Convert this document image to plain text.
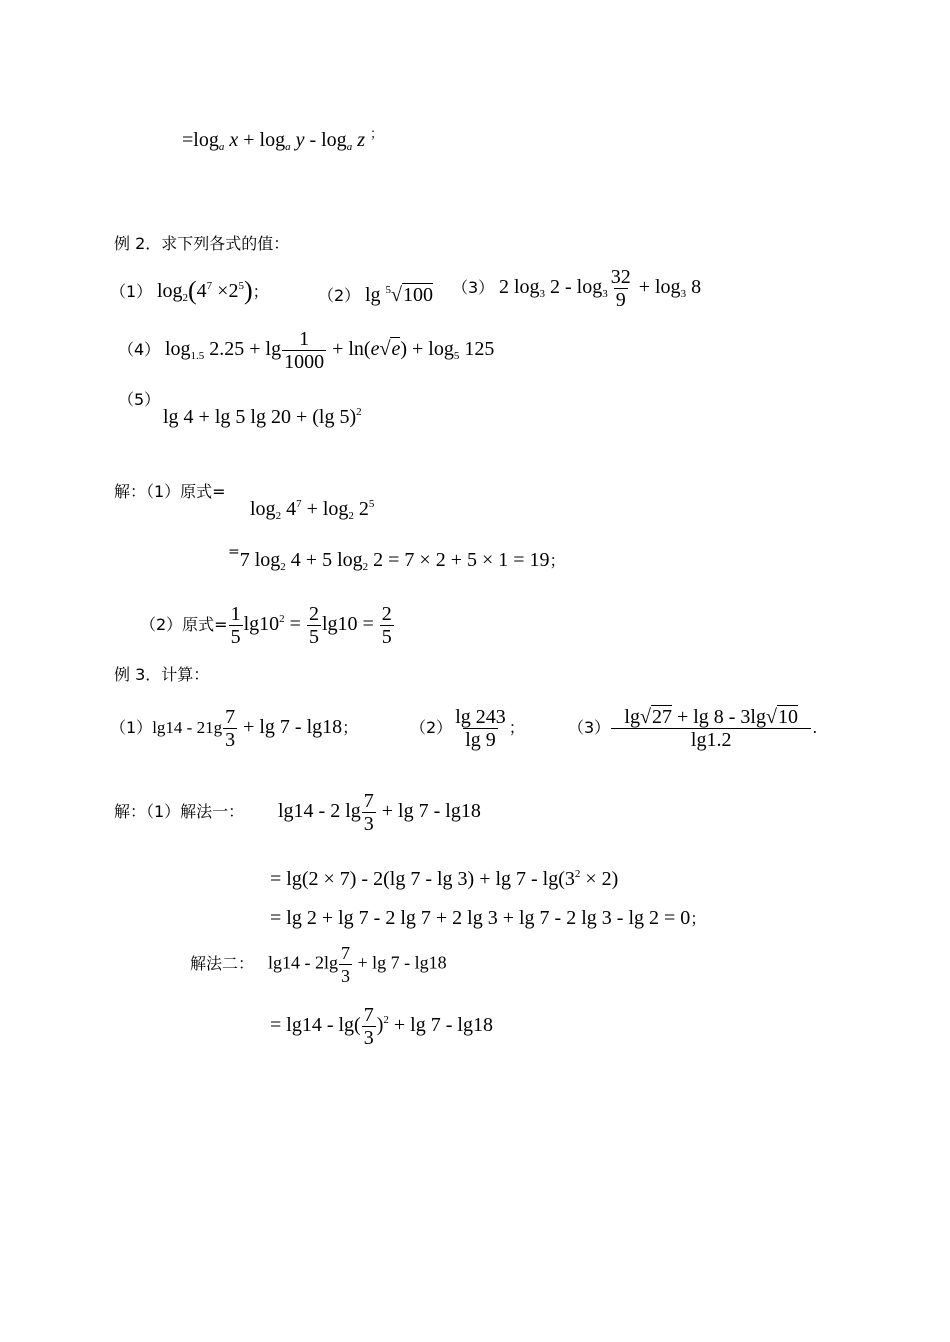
$=\log_a$ $x + \log_a y - \log_a z$ ；
例 2．求下列各式的值：
（1） $\log_2(4^7 \times 2^5)$；	（2） lg $^5$√100 （3） 2 $\log_3 2 - \log_3 \frac{32}{9} + \log_3 8$
（4） $\log_{1.5} 2.25 + \lg \frac{1}{1000} + \ln(e√e) + \log_5 125$
（5）
lg 4 + lg 5 lg 20 + (lg 5)$^2$
解：（1）原式=
$\log_2 4^7 + \log_2 2^5$
=7 $\log_2 4 + 5$ $\log_2 2 = 7 \times 2 + 5 \times 1 = 19$；
（2）原式= $\frac{1}{5} \lg 10^2 = \frac{2}{5} \lg 10 = \frac{2}{5}$
例 3．计算：
$(1)\lg 14 - 21g \frac{7}{3} + \lg 7 - \lg 18$；	$(2) \frac{\lg 243}{\lg 9}$ ；	$(3) \frac{\lg√27 + \lg 8 - 3\lg√10}{\lg 1.2}$ .
解：（1）解法一： lg14 - 2 $\lg \frac{7}{3} + \lg 7 - \lg 18$
= lg(2 × 7) - 2(lg $7 - \lg 3) + \lg 7 - \lg(3^2 \times 2)$
= lg 2 + lg 7 - 2 lg 7 + 2 lg 3 + lg 7 - 2 lg 3 - lg 2 = 0；
解法二： $\lg 14 - 2\lg \frac{7}{3} + \lg 7 - \lg 18$
= $\lg 14 - \lg( \frac{7}{3} )^2 + \lg 7 - \lg 18$
